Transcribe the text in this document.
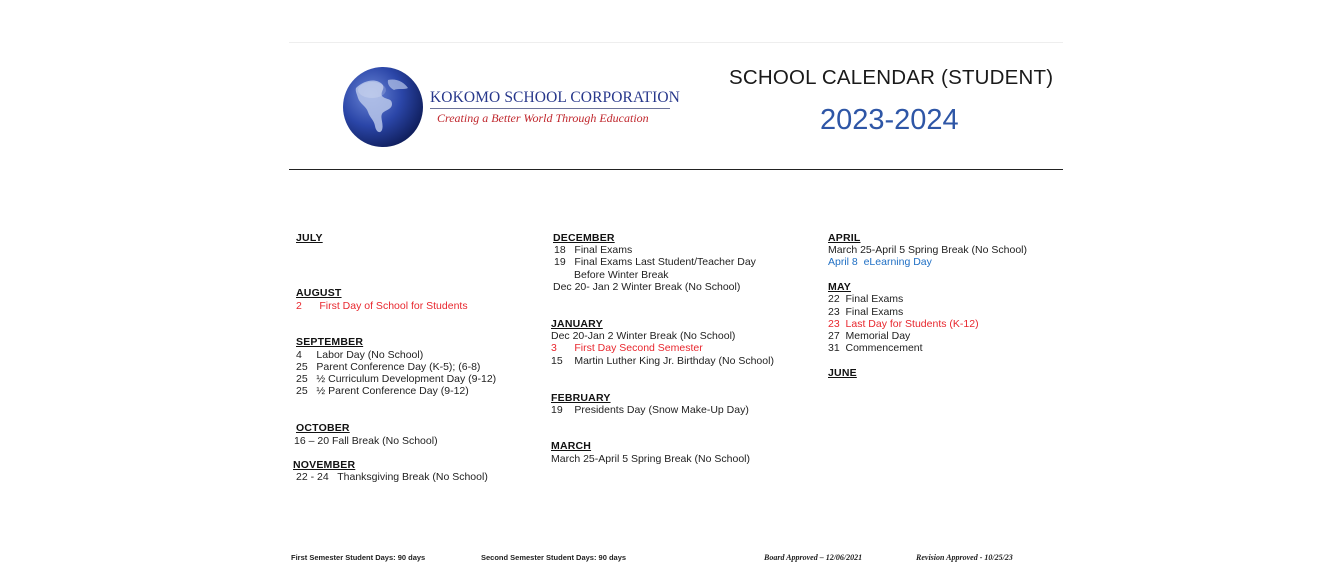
KOKOMO SCHOOL CORPORATION
Creating a Better World Through Education
SCHOOL CALENDAR (STUDENT)
2023-2024
JULY
AUGUST
2      First Day of School for Students
SEPTEMBER
4     Labor Day (No School)
25   Parent Conference Day (K-5); (6-8)
25   ½ Curriculum Development Day (9-12)
25   ½ Parent Conference Day (9-12)
OCTOBER
16 – 20 Fall Break (No School)
NOVEMBER
22 - 24   Thanksgiving Break (No School)
DECEMBER
18   Final Exams
19   Final Exams Last Student/Teacher Day
Before Winter Break
Dec 20- Jan 2 Winter Break (No School)
JANUARY
Dec 20-Jan 2 Winter Break (No School)
3      First Day Second Semester
15    Martin Luther King Jr. Birthday (No School)
FEBRUARY
19    Presidents Day (Snow Make-Up Day)
MARCH
March 25-April 5 Spring Break (No School)
APRIL
March 25-April 5 Spring Break (No School)
April 8  eLearning Day
MAY
22  Final Exams
23  Final Exams
23  Last Day for Students (K-12)
27  Memorial Day
31  Commencement
JUNE
First Semester Student Days: 90 days	Second Semester Student Days: 90 days	Board Approved – 12/06/2021	Revision Approved - 10/25/23
